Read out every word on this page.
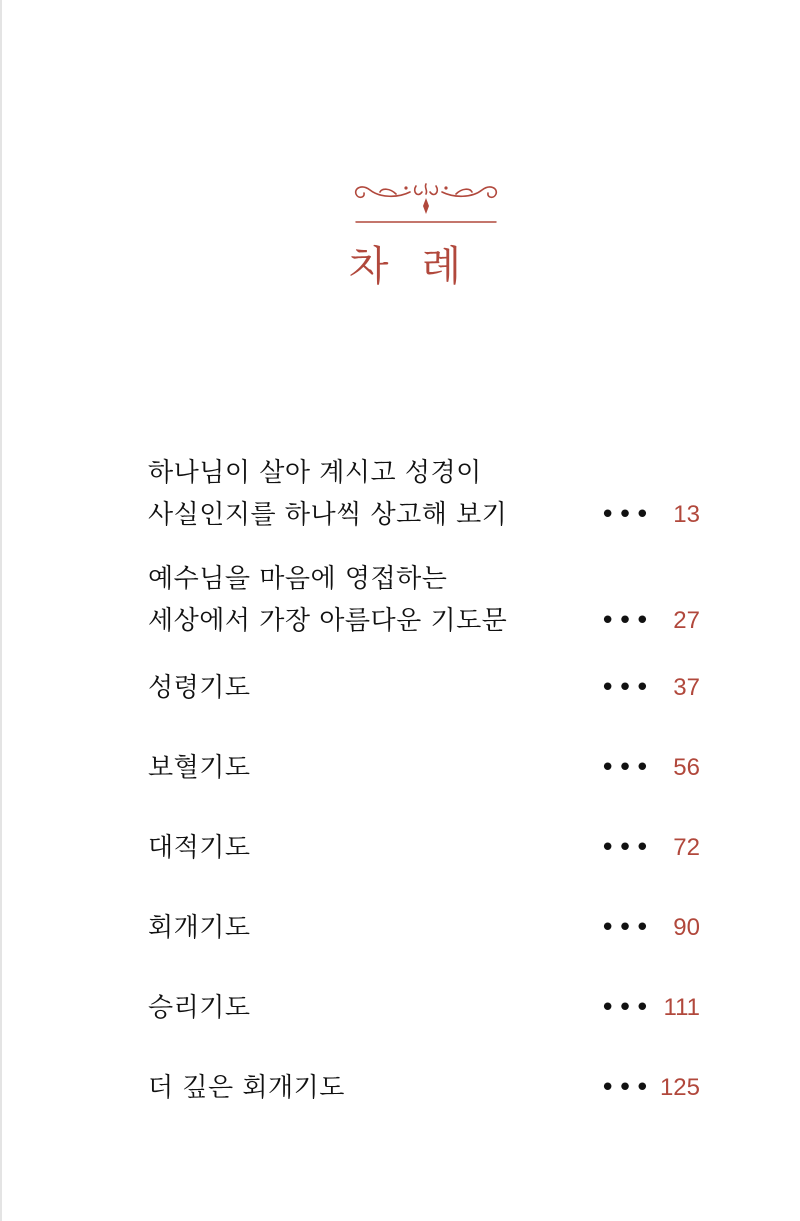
차 례
하나님이 살아 계시고 성경이
사실인지를 하나씩 상고해 보기	••• 13
예수님을 마음에 영접하는
세상에서 가장 아름다운 기도문	••• 27
성령기도	••• 37
보혈기도	••• 56
대적기도	••• 72
회개기도	••• 90
승리기도	••• 111
더 깊은 회개기도	••• 125
